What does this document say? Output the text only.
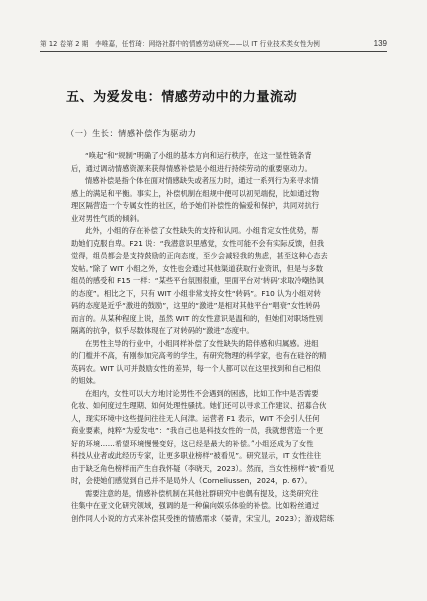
第 12 卷第 2 期　李唯嘉，任哲琦：网络社群中的情感劳动研究——以 IT 行业技术类女性为例	139
五、为爱发电：情感劳动中的力量流动
（一）生长：情感补偿作为驱动力
“唤起”和“规制”明确了小组的基本方向和运行秩序，在这一显性链条背
后，通过调动情感资源来获得情感补偿是小组进行持续劳动的重要驱动力。
情感补偿是指个体在面对情感缺失或者压力时，通过一系列行为来寻求情
感上的满足和平衡。事实上，补偿机制在组规中便可以初见端倪，比如通过物
理区隔营造一个专属女性的社区，给予她们补偿性的偏爱和保护，共同对抗行
业对男性气质的倾斜。
此外，小组的存在补偿了女性缺失的支持和认同。小组肯定女性优势，帮
助她们克服自卑。F21 说：“我潜意识里感觉，女性可能不会有实际反馈，但我
觉得，组员都会是支持鼓励的正向态度，至少会减轻我的焦虑，甚至这种心态去
发帖。”除了 WIT 小组之外，女性也会通过其他渠道获取行业资讯，但是与多数
组员的感受和 F15 一样：“某些平台氛围很重，里面平台对‘转码’求取冷嘲热讽
的态度”。相比之下，只有 WIT 小组非常支持女性“转码”。F10 认为小组对转
码的态度是近乎“激进的鼓励”，这里的“激进”是相对其他平台“唱衰”女性转码
而言的。从某种程度上说，虽然 WIT 的女性意识是温和的，但她们对职场性别
隔离的抗争，似乎尽数体现在了对转码的“激进”态度中。
在男性主导的行业中，小组同样补偿了女性缺失的陪伴感和归属感。进组
的门槛并不高，有刚参加完高考的学生，有研究物理的科学家，也有在硅谷的精
英码农。WIT 认可并鼓励女性的差异，每一个人都可以在这里找到和自己相似
的姐妹。
在组内，女性可以大方地讨论男性不会遇到的困惑，比如工作中是否需要
化妆、如何度过生理期、如何处理性骚扰。她们还可以寻求工作建议、招募合伙
人，现实环境中这些提问往往无人问津。运营者 F1 表示，WIT 不会引人任何
商业要素，纯粹“为爱发电”：“我自己也是科技女性的一员，我就想营造一个更
好的环境……希望环境慢慢变好，这已经是最大的补偿。”小组还成为了女性
科技从业者或此经历专家，让更多职业榜样“被看见”。研究显示，IT 女性往往
由于缺乏角色榜样而产生自我怀疑（李晓天，2023）。然而，当女性榜样“被”看见
时，会使她们感觉到自己并不是局外人（Corneliussen，2024，p. 67）。
需要注意的是，情感补偿机制在其他社群研究中也偶有提及，这类研究往
往集中在亚文化研究领域，强调的是一种偏向娱乐体验的补偿。比如粉丝通过
创作同人小说的方式来补偿其受挫的情感需求（晏青，宋宝儿，2023）；游戏陪练
